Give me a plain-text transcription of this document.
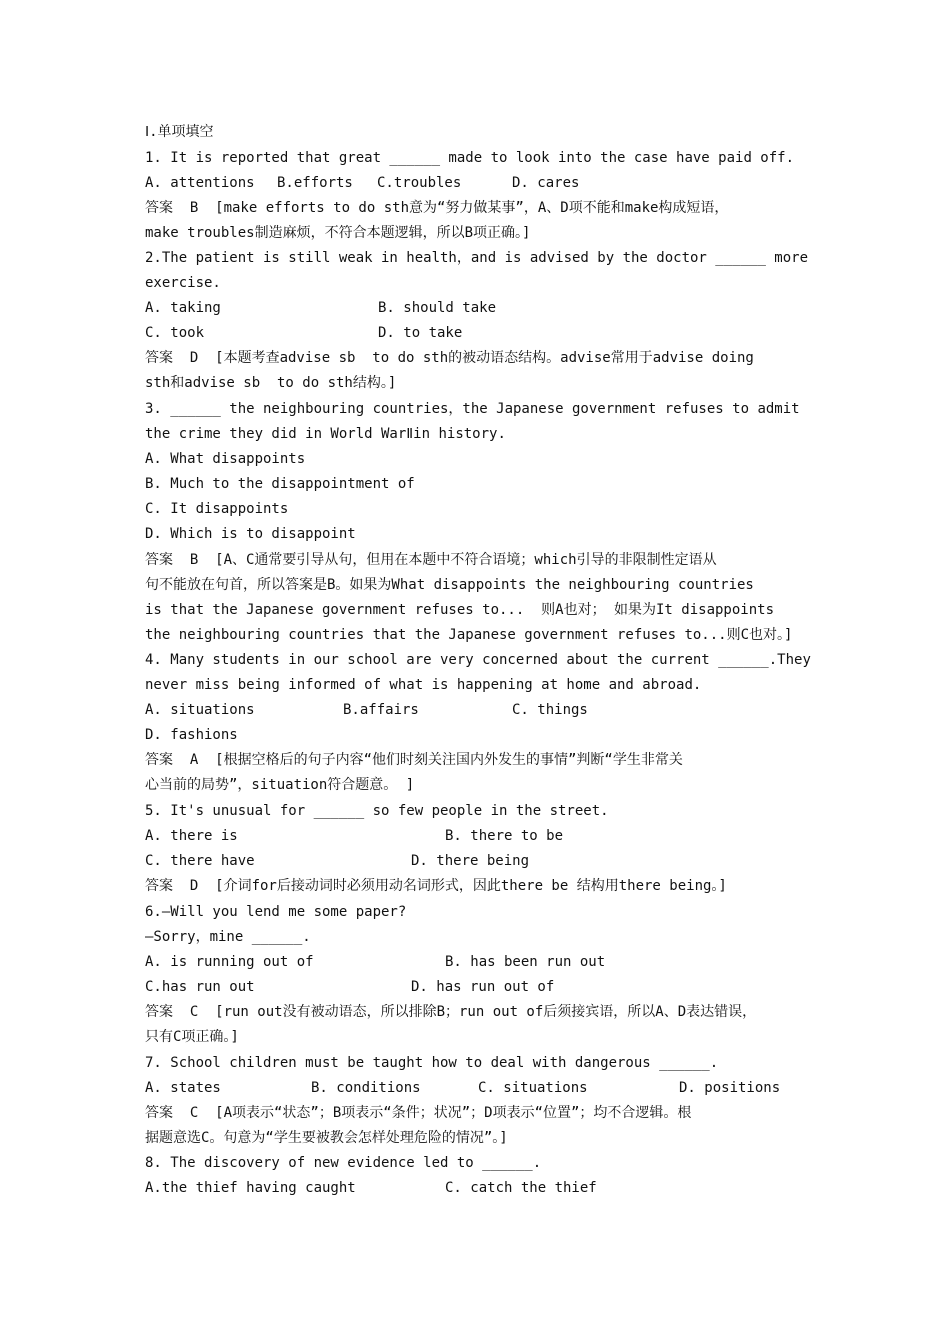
Ⅰ.单项填空
1. It is reported that great ______ made to look into the case have paid off.

A. attentions

B.efforts

C.troubles

	D. cares

答案  B  [make efforts to do sth意为“努力做某事”，A、D项不能和make构成短语，
make troubles制造麻烦，不符合本题逻辑，所以B项正确。]
2.The patient is still weak in health，and is advised by the doctor ______ more
exercise.

A. taking

	B. should take

C. took

	D. to take

答案  D  [本题考查advise sb  to do sth的被动语态结构。advise常用于advise doing
sth和advise sb  to do sth结构。]
3. ______ the neighbouring countries，the Japanese government refuses to admit
the crime they did in World WarⅡin history.
A. What disappoints
B. Much to the disappointment of
C. It disappoints
D. Which is to disappoint
答案  B  [A、C通常要引导从句，但用在本题中不符合语境；which引导的非限制性定语从
句不能放在句首，所以答案是B。如果为What disappoints the neighbouring countries
is that the Japanese government refuses to...  则A也对； 如果为It disappoints
the neighbouring countries that the Japanese government refuses to...则C也对。]
4. Many students in our school are very concerned about the current ______.They
never miss being informed of what is happening at home and abroad.

A. situations

	B.affairs

	C. things

D. fashions
答案  A  [根据空格后的句子内容“他们时刻关注国内外发生的事情”判断“学生非常关
心当前的局势”，situation符合题意。 ]
5. It's unusual for ______ so few people in the street.

A. there is

	B. there to be

C. there have

	D. there being

答案  D  [介词for后接动词时必须用动名词形式，因此there be 结构用there being。]
6.—Will you lend me some paper?
—Sorry，mine ______.

A. is running out of

	B. has been run out

C.has run out

	D. has run out of

答案  C  [run out没有被动语态，所以排除B；run out of后须接宾语，所以A、D表达错误，
只有C项正确。]
7. School children must be taught how to deal with dangerous ______.

A. states

	B. conditions

	C. situations

	D. positions

答案  C  [A项表示“状态”；B项表示“条件；状况”；D项表示“位置”；均不合逻辑。根
据题意选C。句意为“学生要被教会怎样处理危险的情况”。]
8. The discovery of new evidence led to ______.

A.the thief having caught

	C. catch the thief
